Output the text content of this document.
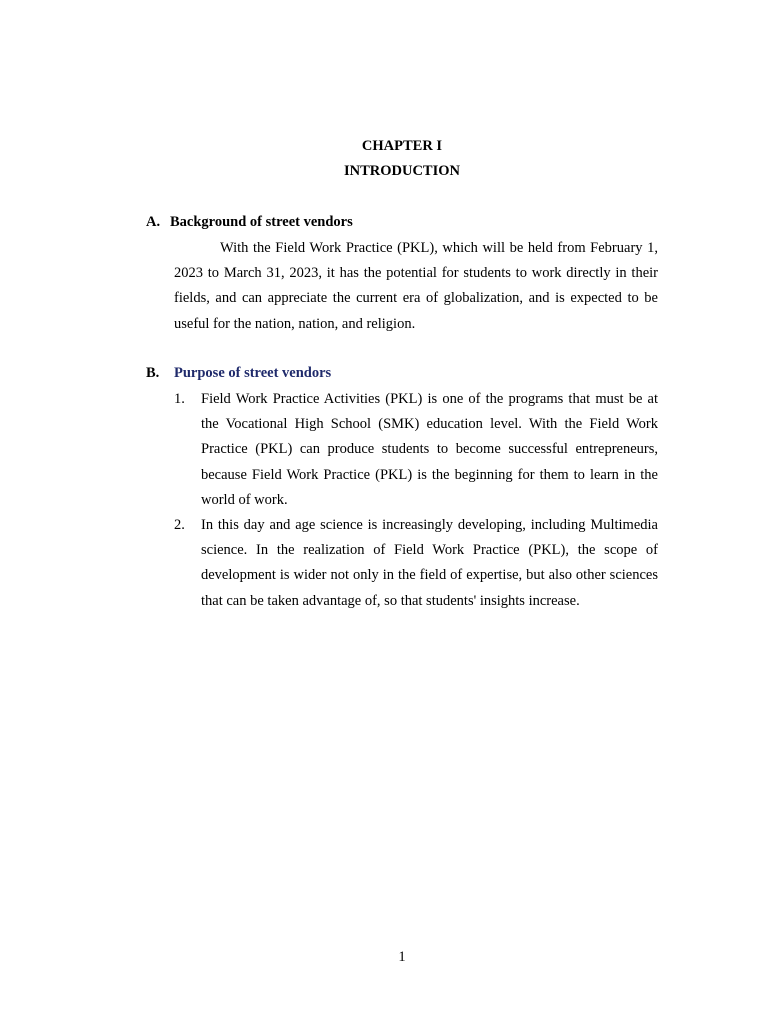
CHAPTER I
INTRODUCTION
A. Background of street vendors

With the Field Work Practice (PKL), which will be held from February 1, 2023 to March 31, 2023, it has the potential for students to work directly in their fields, and can appreciate the current era of globalization, and is expected to be useful for the nation, nation, and religion.

B. Purpose of street vendors
1. Field Work Practice Activities (PKL) is one of the programs that must be at the Vocational High School (SMK) education level. With the Field Work Practice (PKL) can produce students to become successful entrepreneurs, because Field Work Practice (PKL) is the beginning for them to learn in the world of work.
2. In this day and age science is increasingly developing, including Multimedia science. In the realization of Field Work Practice (PKL), the scope of development is wider not only in the field of expertise, but also other sciences that can be taken advantage of, so that students' insights increase.

1
